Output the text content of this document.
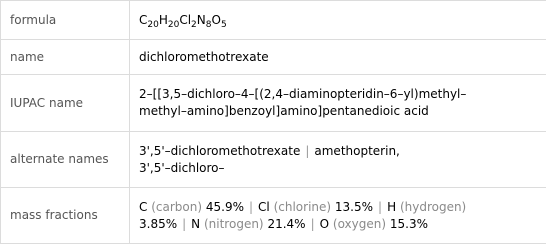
formula	$C_{20}H_{20}Cl_2N_8O_5$
name	dichloromethotrexate
IUPAC name	2–[[3,5–dichloro–4–[(2,4–diaminopteridin–6–yl)methyl–
methyl–amino]benzoyl]amino]pentanedioic acid
alternate names	3',5'–dichloromethotrexate | amethopterin,
3',5'–dichloro–
mass fractions	C (carbon) 45.9% | Cl (chlorine) 13.5% | H (hydrogen)
3.85% | N (nitrogen) 21.4% | O (oxygen) 15.3%
